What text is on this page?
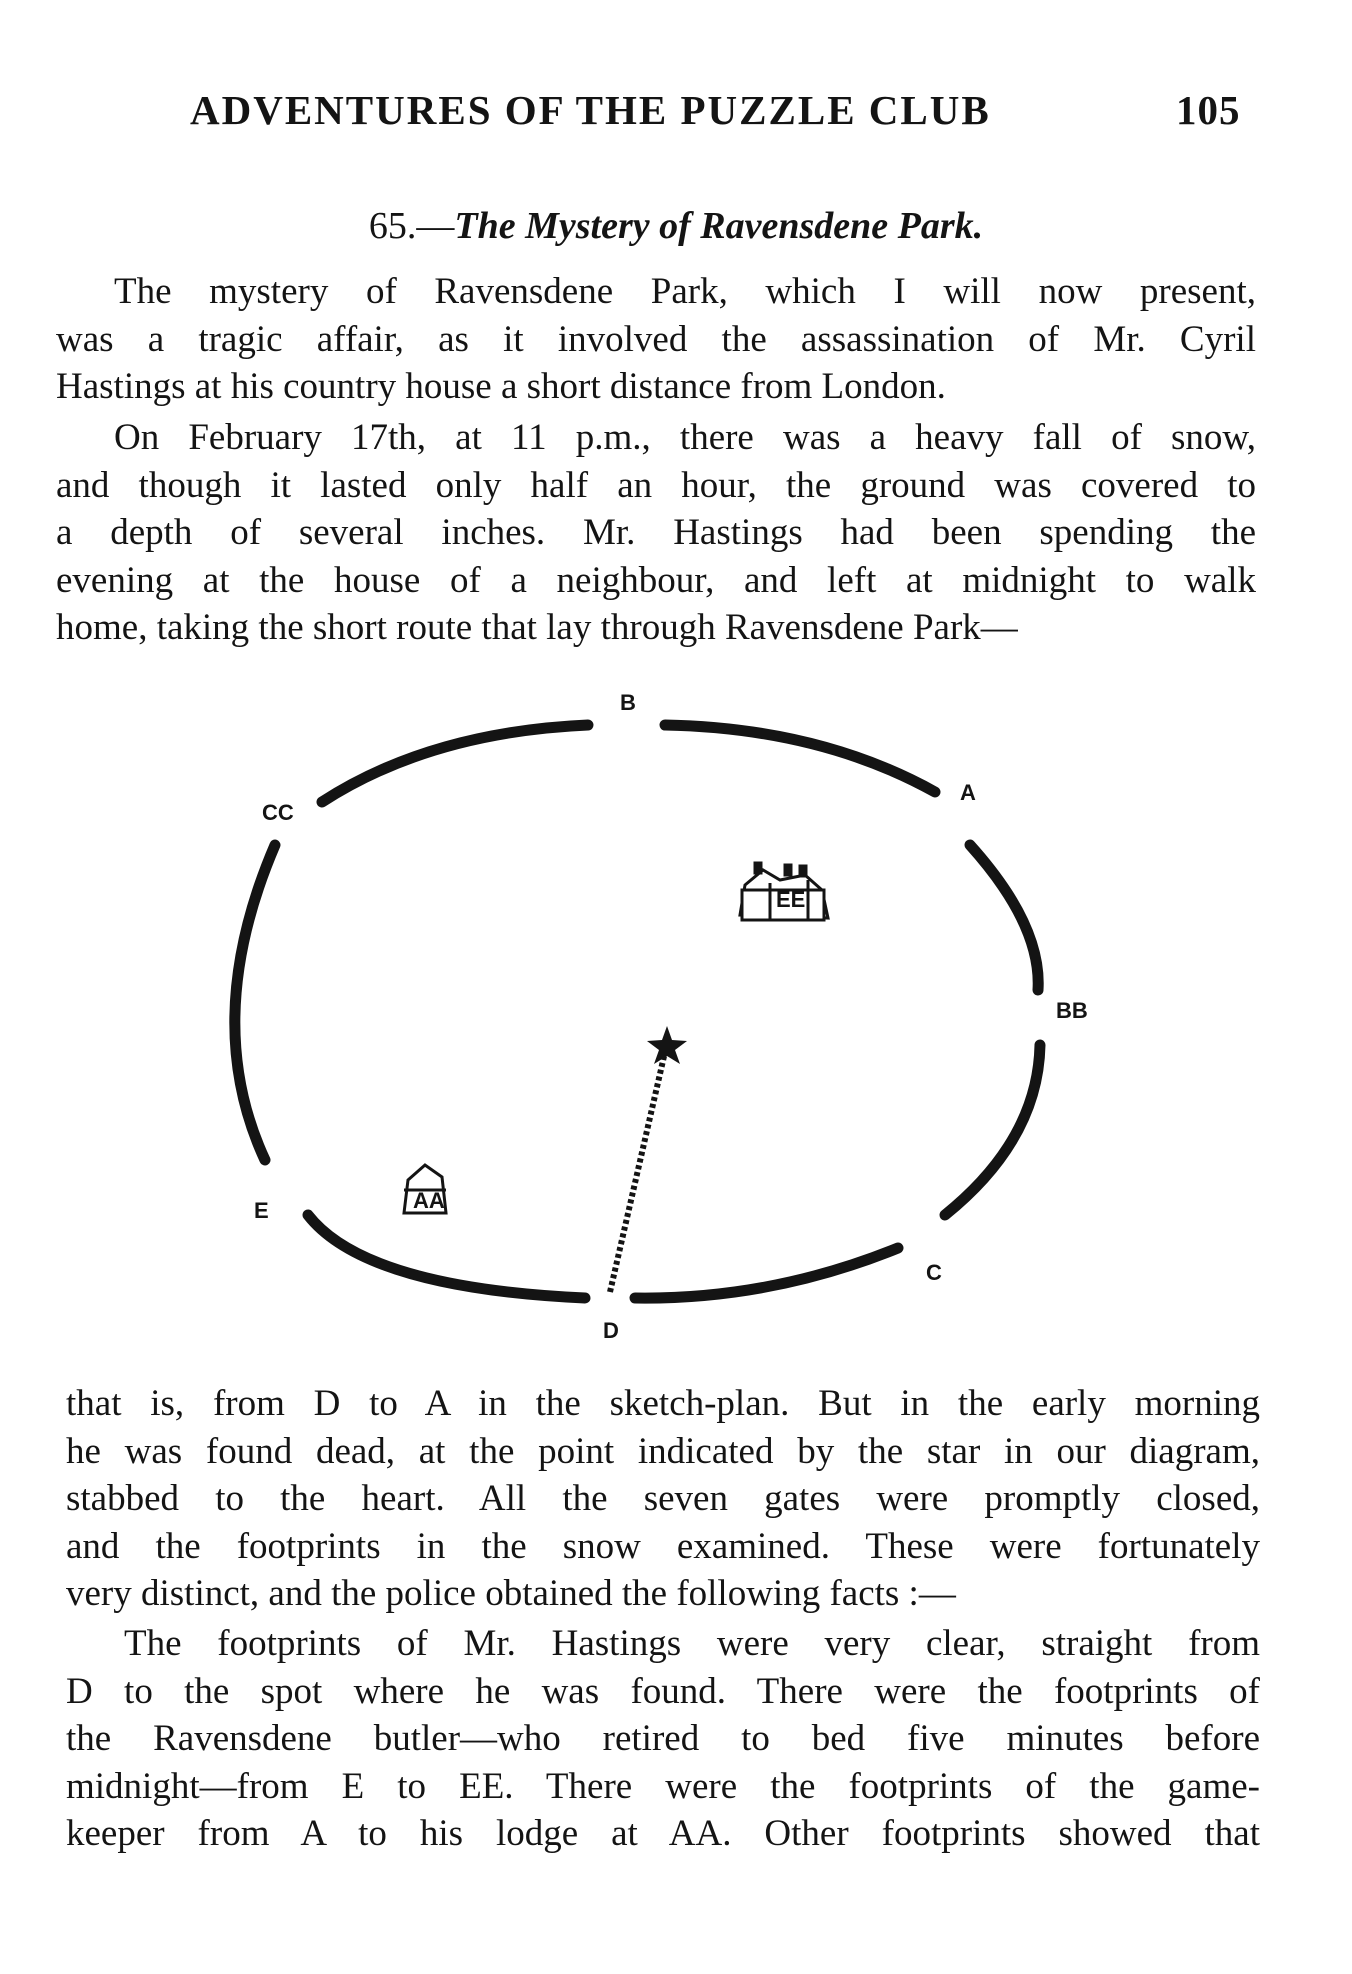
ADVENTURES OF THE PUZZLE CLUB	105
65.—The Mystery of Ravensdene Park.
The mystery of Ravensdene Park, which I will now present,
was a tragic affair, as it involved the assassination of Mr. Cyril
Hastings at his country house a short distance from London.
On February 17th, at 11 p.m., there was a heavy fall of snow,
and though it lasted only half an hour, the ground was covered to
a depth of several inches. Mr. Hastings had been spending the
evening at the house of a neighbour, and left at midnight to walk
home, taking the short route that lay through Ravensdene Park—
EE
AA
B
A
CC
BB
E
C
D
that is, from D to A in the sketch-plan. But in the early morning
he was found dead, at the point indicated by the star in our diagram,
stabbed to the heart. All the seven gates were promptly closed,
and the footprints in the snow examined. These were fortunately
very distinct, and the police obtained the following facts :—
The footprints of Mr. Hastings were very clear, straight from
D to the spot where he was found. There were the footprints of
the Ravensdene butler—who retired to bed five minutes before
midnight—from E to EE. There were the footprints of the game-
keeper from A to his lodge at AA. Other footprints showed that
